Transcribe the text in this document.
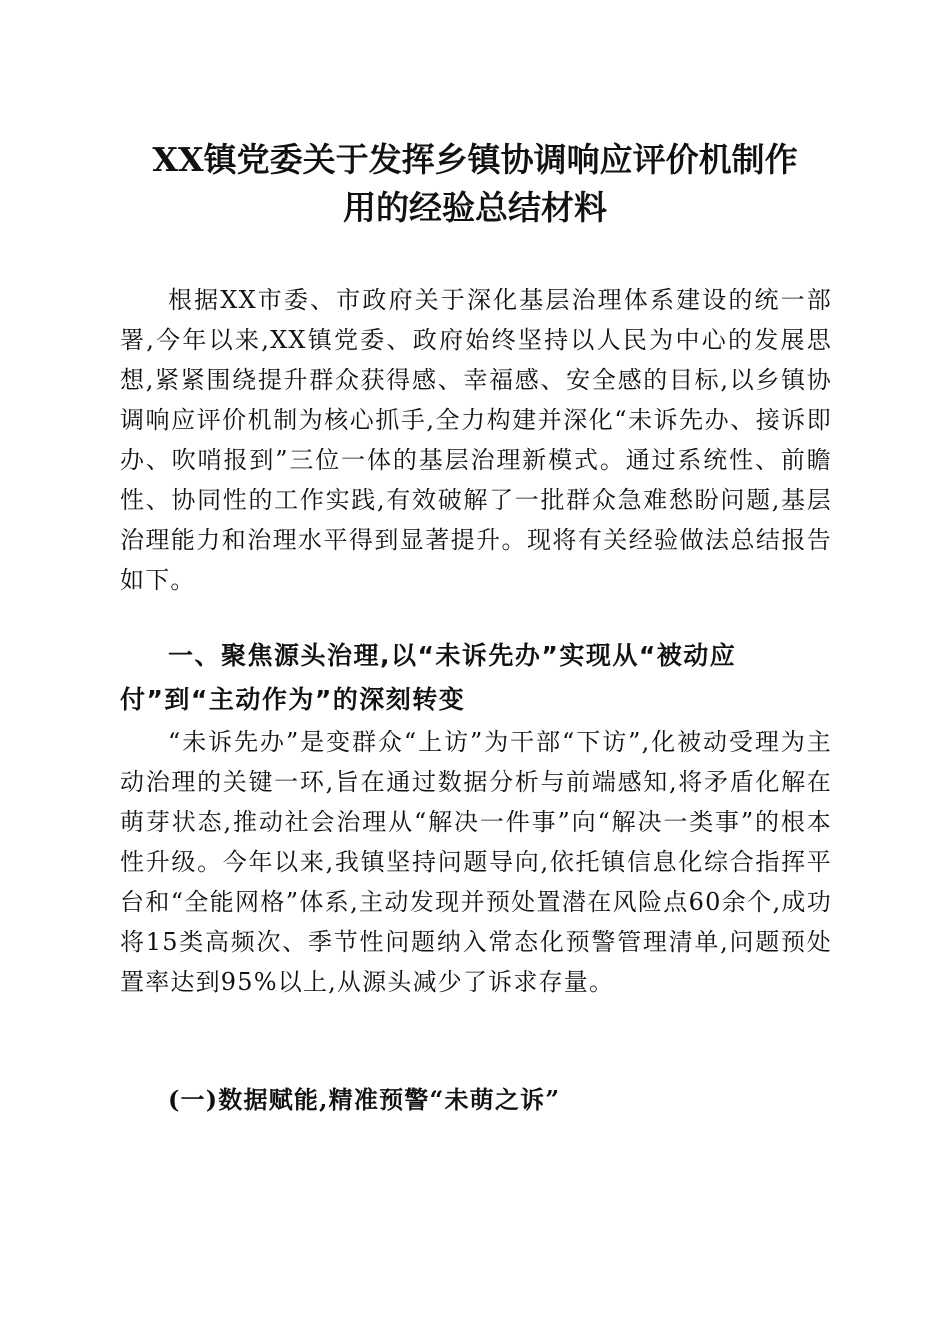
XX镇党委关于发挥乡镇协调响应评价机制作
用的经验总结材料

根据XX市委、市政府关于深化基层治理体系建设的统一部署,今年以来,XX镇党委、政府始终坚持以人民为中心的发展思想,紧紧围绕提升群众获得感、幸福感、安全感的目标,以乡镇协调响应评价机制为核心抓手,全力构建并深化“未诉先办、接诉即办、吹哨报到”三位一体的基层治理新模式。通过系统性、前瞻性、协同性的工作实践,有效破解了一批群众急难愁盼问题,基层治理能力和治理水平得到显著提升。现将有关经验做法总结报告如下。

一、聚焦源头治理,以“未诉先办”实现从“被动应付”到“主动作为”的深刻转变

“未诉先办”是变群众“上访”为干部“下访”,化被动受理为主动治理的关键一环,旨在通过数据分析与前端感知,将矛盾化解在萌芽状态,推动社会治理从“解决一件事”向“解决一类事”的根本性升级。今年以来,我镇坚持问题导向,依托镇信息化综合指挥平台和“全能网格”体系,主动发现并预处置潜在风险点60余个,成功将15类高频次、季节性问题纳入常态化预警管理清单,问题预处置率达到95%以上,从源头减少了诉求存量。

(一)数据赋能,精准预警“未萌之诉”
